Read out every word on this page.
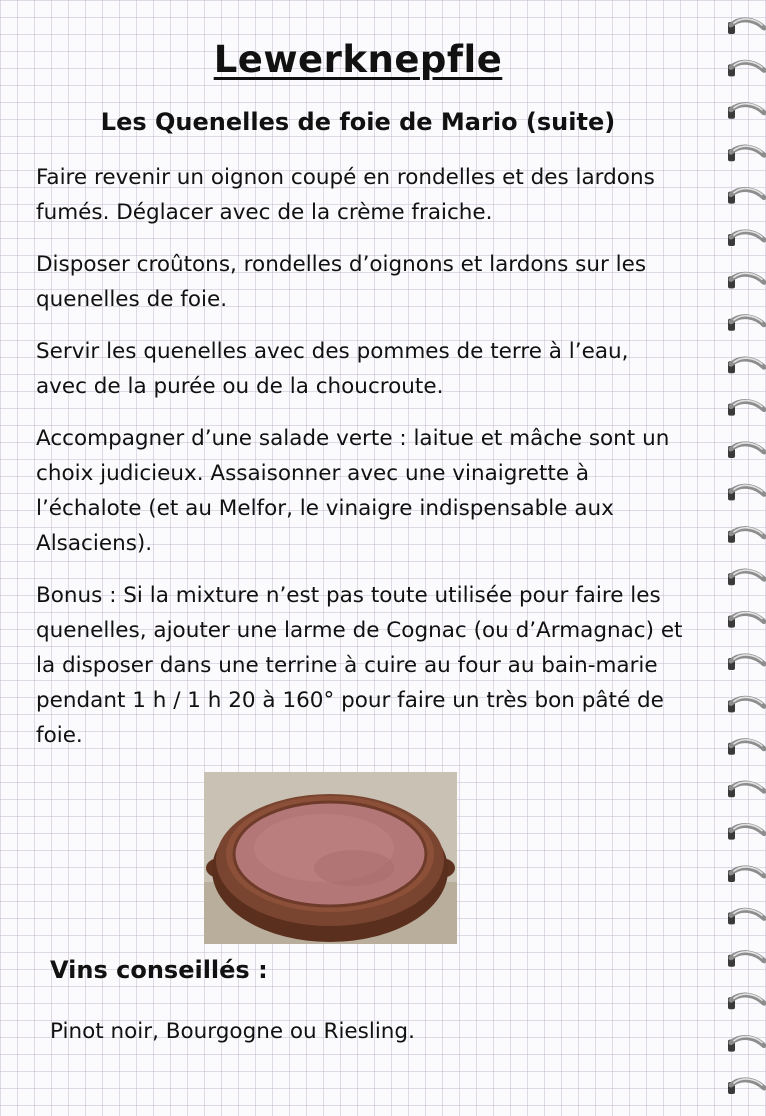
Lewerknepfle
Les Quenelles de foie de Mario (suite)

Faire revenir un oignon coupé en rondelles et des lardons fumés. Déglacer avec de la crème fraiche.

Disposer croûtons, rondelles d’oignons et lardons sur les quenelles de foie.

Servir les quenelles avec des pommes de terre à l’eau, avec de la purée ou de la choucroute.

Accompagner d’une salade verte : laitue et mâche sont un choix judicieux. Assaisonner avec une vinaigrette à l’échalote (et au Melfor, le vinaigre indispensable aux Alsaciens).

Bonus : Si la mixture n’est pas toute utilisée pour faire les quenelles, ajouter une larme de Cognac (ou d’Armagnac) et la disposer dans une terrine à cuire au four au bain-marie pendant 1 h / 1 h 20 à 160° pour faire un très bon pâté de foie.

Vins conseillés :

Pinot noir, Bourgogne ou Riesling.
